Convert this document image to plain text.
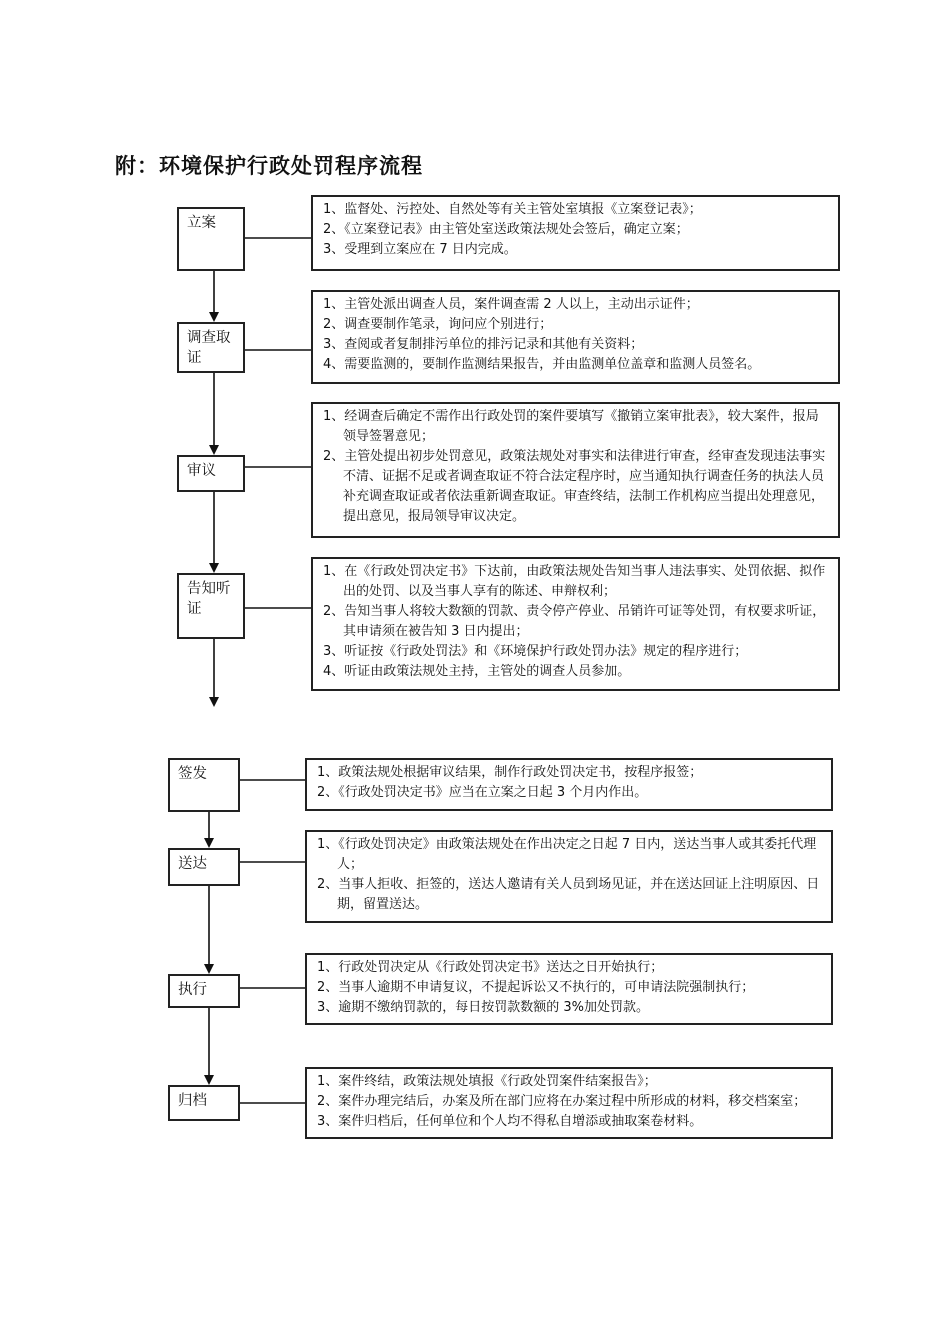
附：环境保护行政处罚程序流程
立案
调查取证
审议
告知听证

1、监督处、污控处、自然处等有关主管处室填报《立案登记表》；

2、《立案登记表》由主管处室送政策法规处会签后，确定立案；

3、受理到立案应在 7 日内完成。

1、主管处派出调查人员，案件调查需 2 人以上，主动出示证件；

2、调查要制作笔录，询问应个别进行；

3、查阅或者复制排污单位的排污记录和其他有关资料；

4、需要监测的，要制作监测结果报告，并由监测单位盖章和监测人员签名。

1、经调查后确定不需作出行政处罚的案件要填写《撤销立案审批表》，较大案件，报局领导签署意见；

2、主管处提出初步处罚意见，政策法规处对事实和法律进行审查，经审查发现违法事实不清、证据不足或者调查取证不符合法定程序时，应当通知执行调查任务的执法人员补充调查取证或者依法重新调查取证。审查终结，法制工作机构应当提出处理意见，提出意见，报局领导审议决定。

1、在《行政处罚决定书》下达前，由政策法规处告知当事人违法事实、处罚依据、拟作出的处罚、以及当事人享有的陈述、申辩权利；

2、告知当事人将较大数额的罚款、责令停产停业、吊销许可证等处罚，有权要求听证，其申请须在被告知 3 日内提出；

3、听证按《行政处罚法》和《环境保护行政处罚办法》规定的程序进行；

4、听证由政策法规处主持，主管处的调查人员参加。

签发
送达
执行
归档

1、政策法规处根据审议结果，制作行政处罚决定书，按程序报签；

2、《行政处罚决定书》应当在立案之日起 3 个月内作出。

1、《行政处罚决定》由政策法规处在作出决定之日起 7 日内，送达当事人或其委托代理人；

2、当事人拒收、拒签的，送达人邀请有关人员到场见证，并在送达回证上注明原因、日期，留置送达。

1、行政处罚决定从《行政处罚决定书》送达之日开始执行；

2、当事人逾期不申请复议，不提起诉讼又不执行的，可申请法院强制执行；

3、逾期不缴纳罚款的，每日按罚款数额的 3%加处罚款。

1、案件终结，政策法规处填报《行政处罚案件结案报告》；

2、案件办理完结后，办案及所在部门应将在办案过程中所形成的材料，移交档案室；

3、案件归档后，任何单位和个人均不得私自增添或抽取案卷材料。
